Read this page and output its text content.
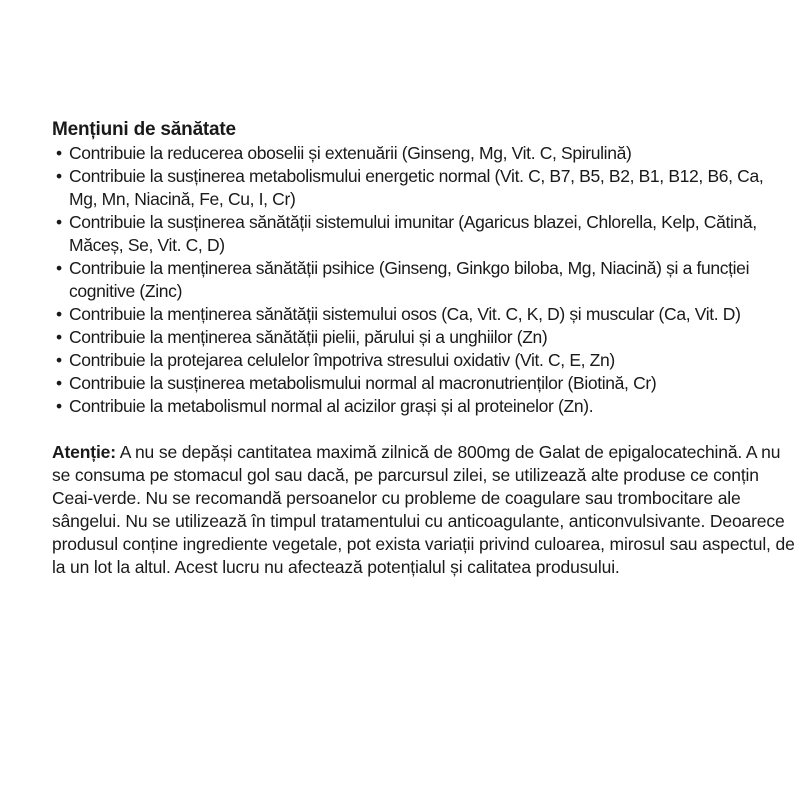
Mențiuni de sănătate
• Contribuie la reducerea oboselii și extenuării (Ginseng, Mg, Vit. C, Spirulină)
• Contribuie la susținerea metabolismului energetic normal (Vit. C, B7, B5, B2, B1, B12, B6, Ca, Mg, Mn, Niacină, Fe, Cu, I, Cr)
• Contribuie la susținerea sănătății sistemului imunitar (Agaricus blazei, Chlorella, Kelp, Cătină, Măceș, Se, Vit. C, D)
• Contribuie la menținerea sănătății psihice (Ginseng, Ginkgo biloba, Mg, Niacină) și a funcției cognitive (Zinc)
• Contribuie la menținerea sănătății sistemului osos (Ca, Vit. C, K, D) și muscular (Ca, Vit. D)
• Contribuie la menținerea sănătății pielii, părului și a unghiilor (Zn)
• Contribuie la protejarea celulelor împotriva stresului oxidativ (Vit. C, E, Zn)
• Contribuie la susținerea metabolismului normal al macronutrienților (Biotină, Cr)
• Contribuie la metabolismul normal al acizilor grași și al proteinelor (Zn).

Atenție: A nu se depăși cantitatea maximă zilnică de 800mg de Galat de epigalocatechină. A nu se consuma pe stomacul gol sau dacă, pe parcursul zilei, se utilizează alte produse ce conțin Ceai-verde. Nu se recomandă persoanelor cu probleme de coagulare sau trombocitare ale sângelui. Nu se utilizează în timpul tratamentului cu anticoagulante, anticonvulsivante. Deoarece produsul conține ingrediente vegetale, pot exista variații privind culoarea, mirosul sau aspectul, de la un lot la altul. Acest lucru nu afectează potențialul și calitatea produsului.
